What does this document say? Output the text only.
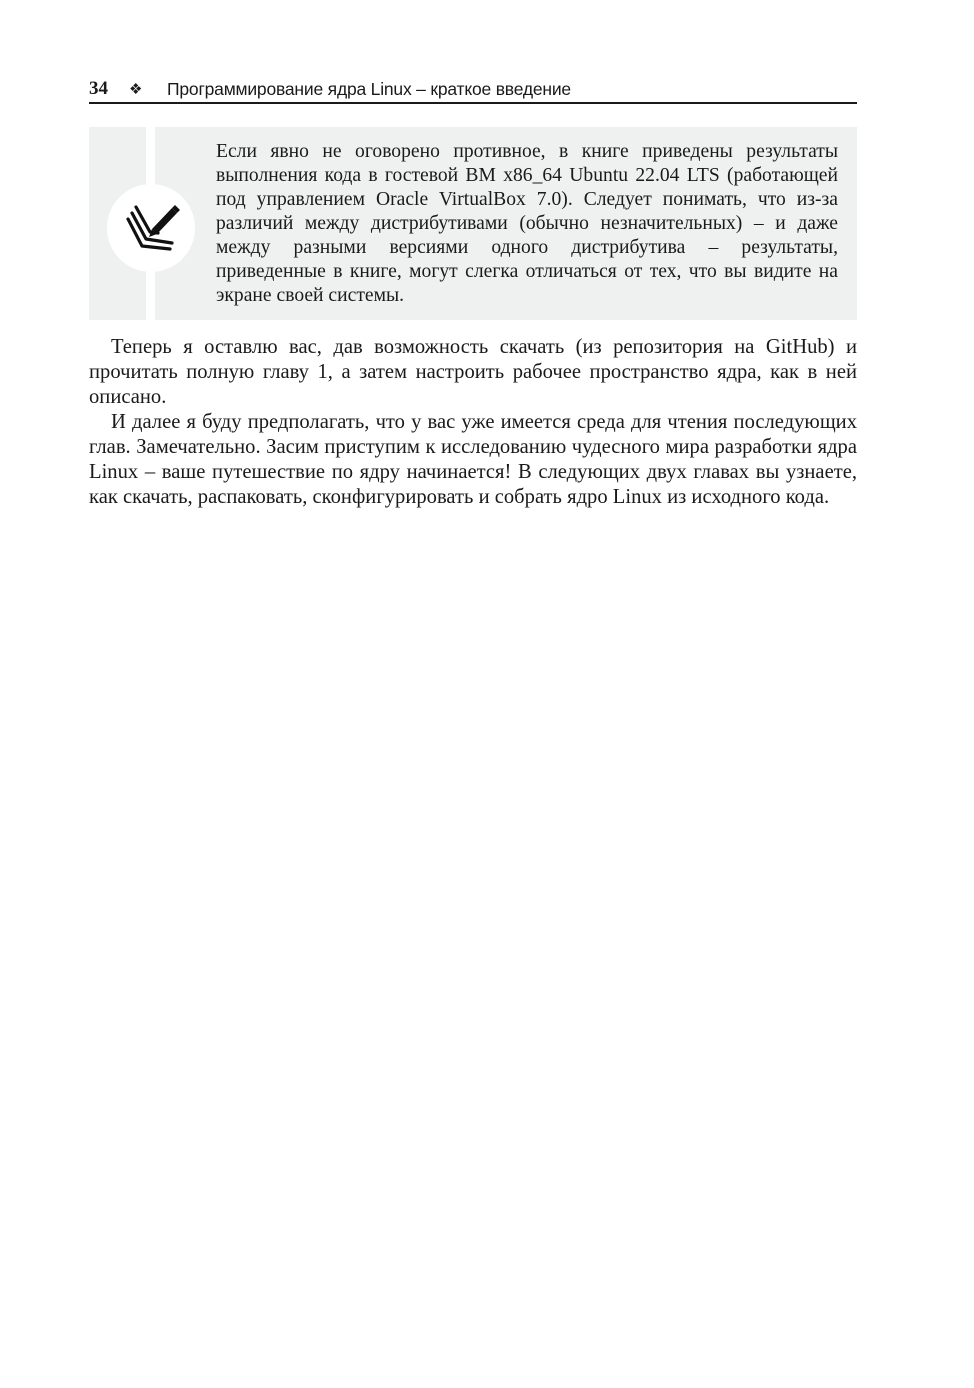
34	❖	Программирование ядра Linux – краткое введение

Если явно не оговорено противное, в книге приведены результаты выполнения кода в гостевой ВМ x86_64 Ubuntu 22.04 LTS (работающей под управлением Oracle VirtualBox 7.0). Следует понимать, что из-за различий между дистрибутивами (обычно незначительных) – и даже между разными версиями одного дистрибутива – результаты, приведенные в книге, могут слегка отличаться от тех, что вы видите на экране своей системы.

Теперь я оставлю вас, дав возможность скачать (из репозитория на GitHub) и прочитать полную главу 1, а затем настроить рабочее пространство ядра, как в ней описано.

И далее я буду предполагать, что у вас уже имеется среда для чтения последующих глав. Замечательно. Засим приступим к исследованию чудесного мира разработки ядра Linux – ваше путешествие по ядру начинается! В следующих двух главах вы узнаете, как скачать, распаковать, сконфигурировать и собрать ядро Linux из исходного кода.
